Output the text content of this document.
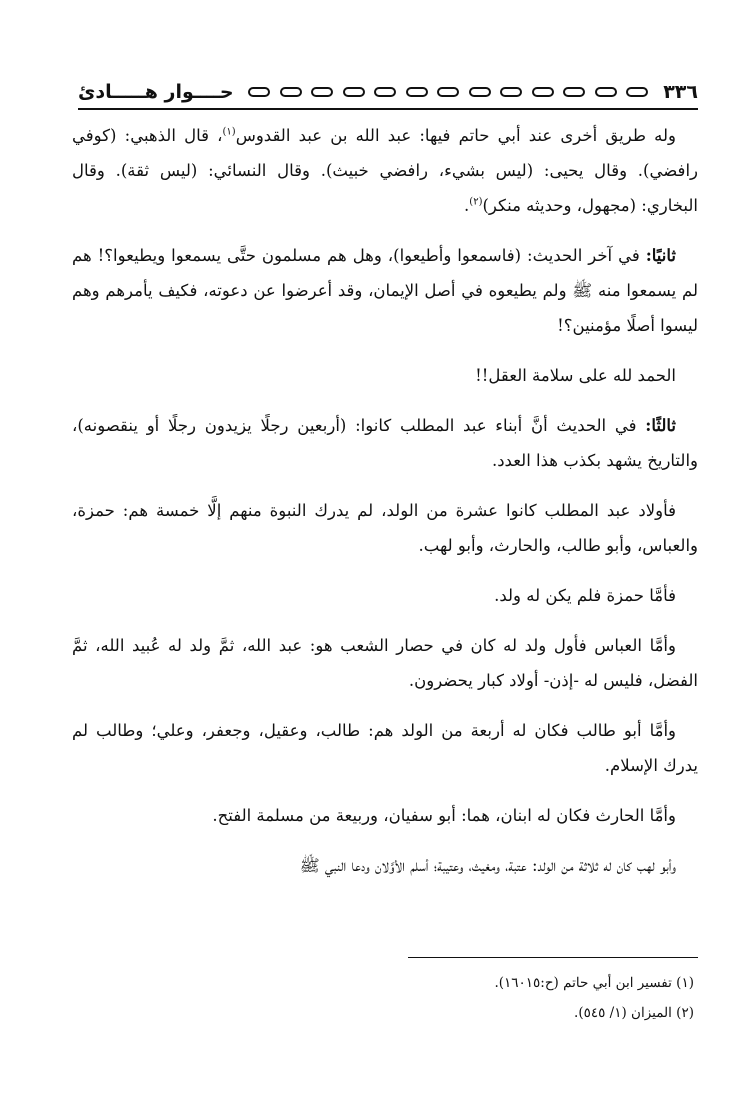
٣٣٦
حــــوار هـــــادئ

وله طريق أخرى عند أبي حاتم فيها: عبد الله بن عبد القدوس$^{(١)}$، قال الذهبي: (كوفي رافضي). وقال يحيى: (ليس بشيء، رافضي خبيث). وقال النسائي: (ليس ثقة). وقال البخاري: (مجهول، وحديثه منكر)$^{(٢)}$.

ثانيًا: في آخر الحديث: (فاسمعوا وأطيعوا)، وهل هم مسلمون حتَّى يسمعوا ويطيعوا؟! هم لم يسمعوا منه ﷺ ولم يطيعوه في أصل الإيمان، وقد أعرضوا عن دعوته، فكيف يأمرهم وهم ليسوا أصلًا مؤمنين؟!

الحمد لله على سلامة العقل!!

ثالثًا: في الحديث أنَّ أبناء عبد المطلب كانوا: (أربعين رجلًا يزيدون رجلًا أو ينقصونه)، والتاريخ يشهد بكذب هذا العدد.

فأولاد عبد المطلب كانوا عشرة من الولد، لم يدرك النبوة منهم إلَّا خمسة هم: حمزة، والعباس، وأبو طالب، والحارث، وأبو لهب.

فأمَّا حمزة فلم يكن له ولد.

وأمَّا العباس فأول ولد له كان في حصار الشعب هو: عبد الله، ثمَّ ولد له عُبيد الله، ثمَّ الفضل، فليس له -إذن- أولاد كبار يحضرون.

وأمَّا أبو طالب فكان له أربعة من الولد هم: طالب، وعقيل، وجعفر، وعلي؛ وطالب لم يدرك الإسلام.

وأمَّا الحارث فكان له ابنان، هما: أبو سفيان، وربيعة من مسلمة الفتح.

وأبو لهب كان له ثلاثة من الولد: عتبة، ومغيث، وعتيبة؛ أسلم الأوَّلان ودعا النبي ﷺ

(١) تفسير ابن أبي حاتم (ح:١٦٠١٥).
(٢) الميزان (١/ ٥٤٥).
